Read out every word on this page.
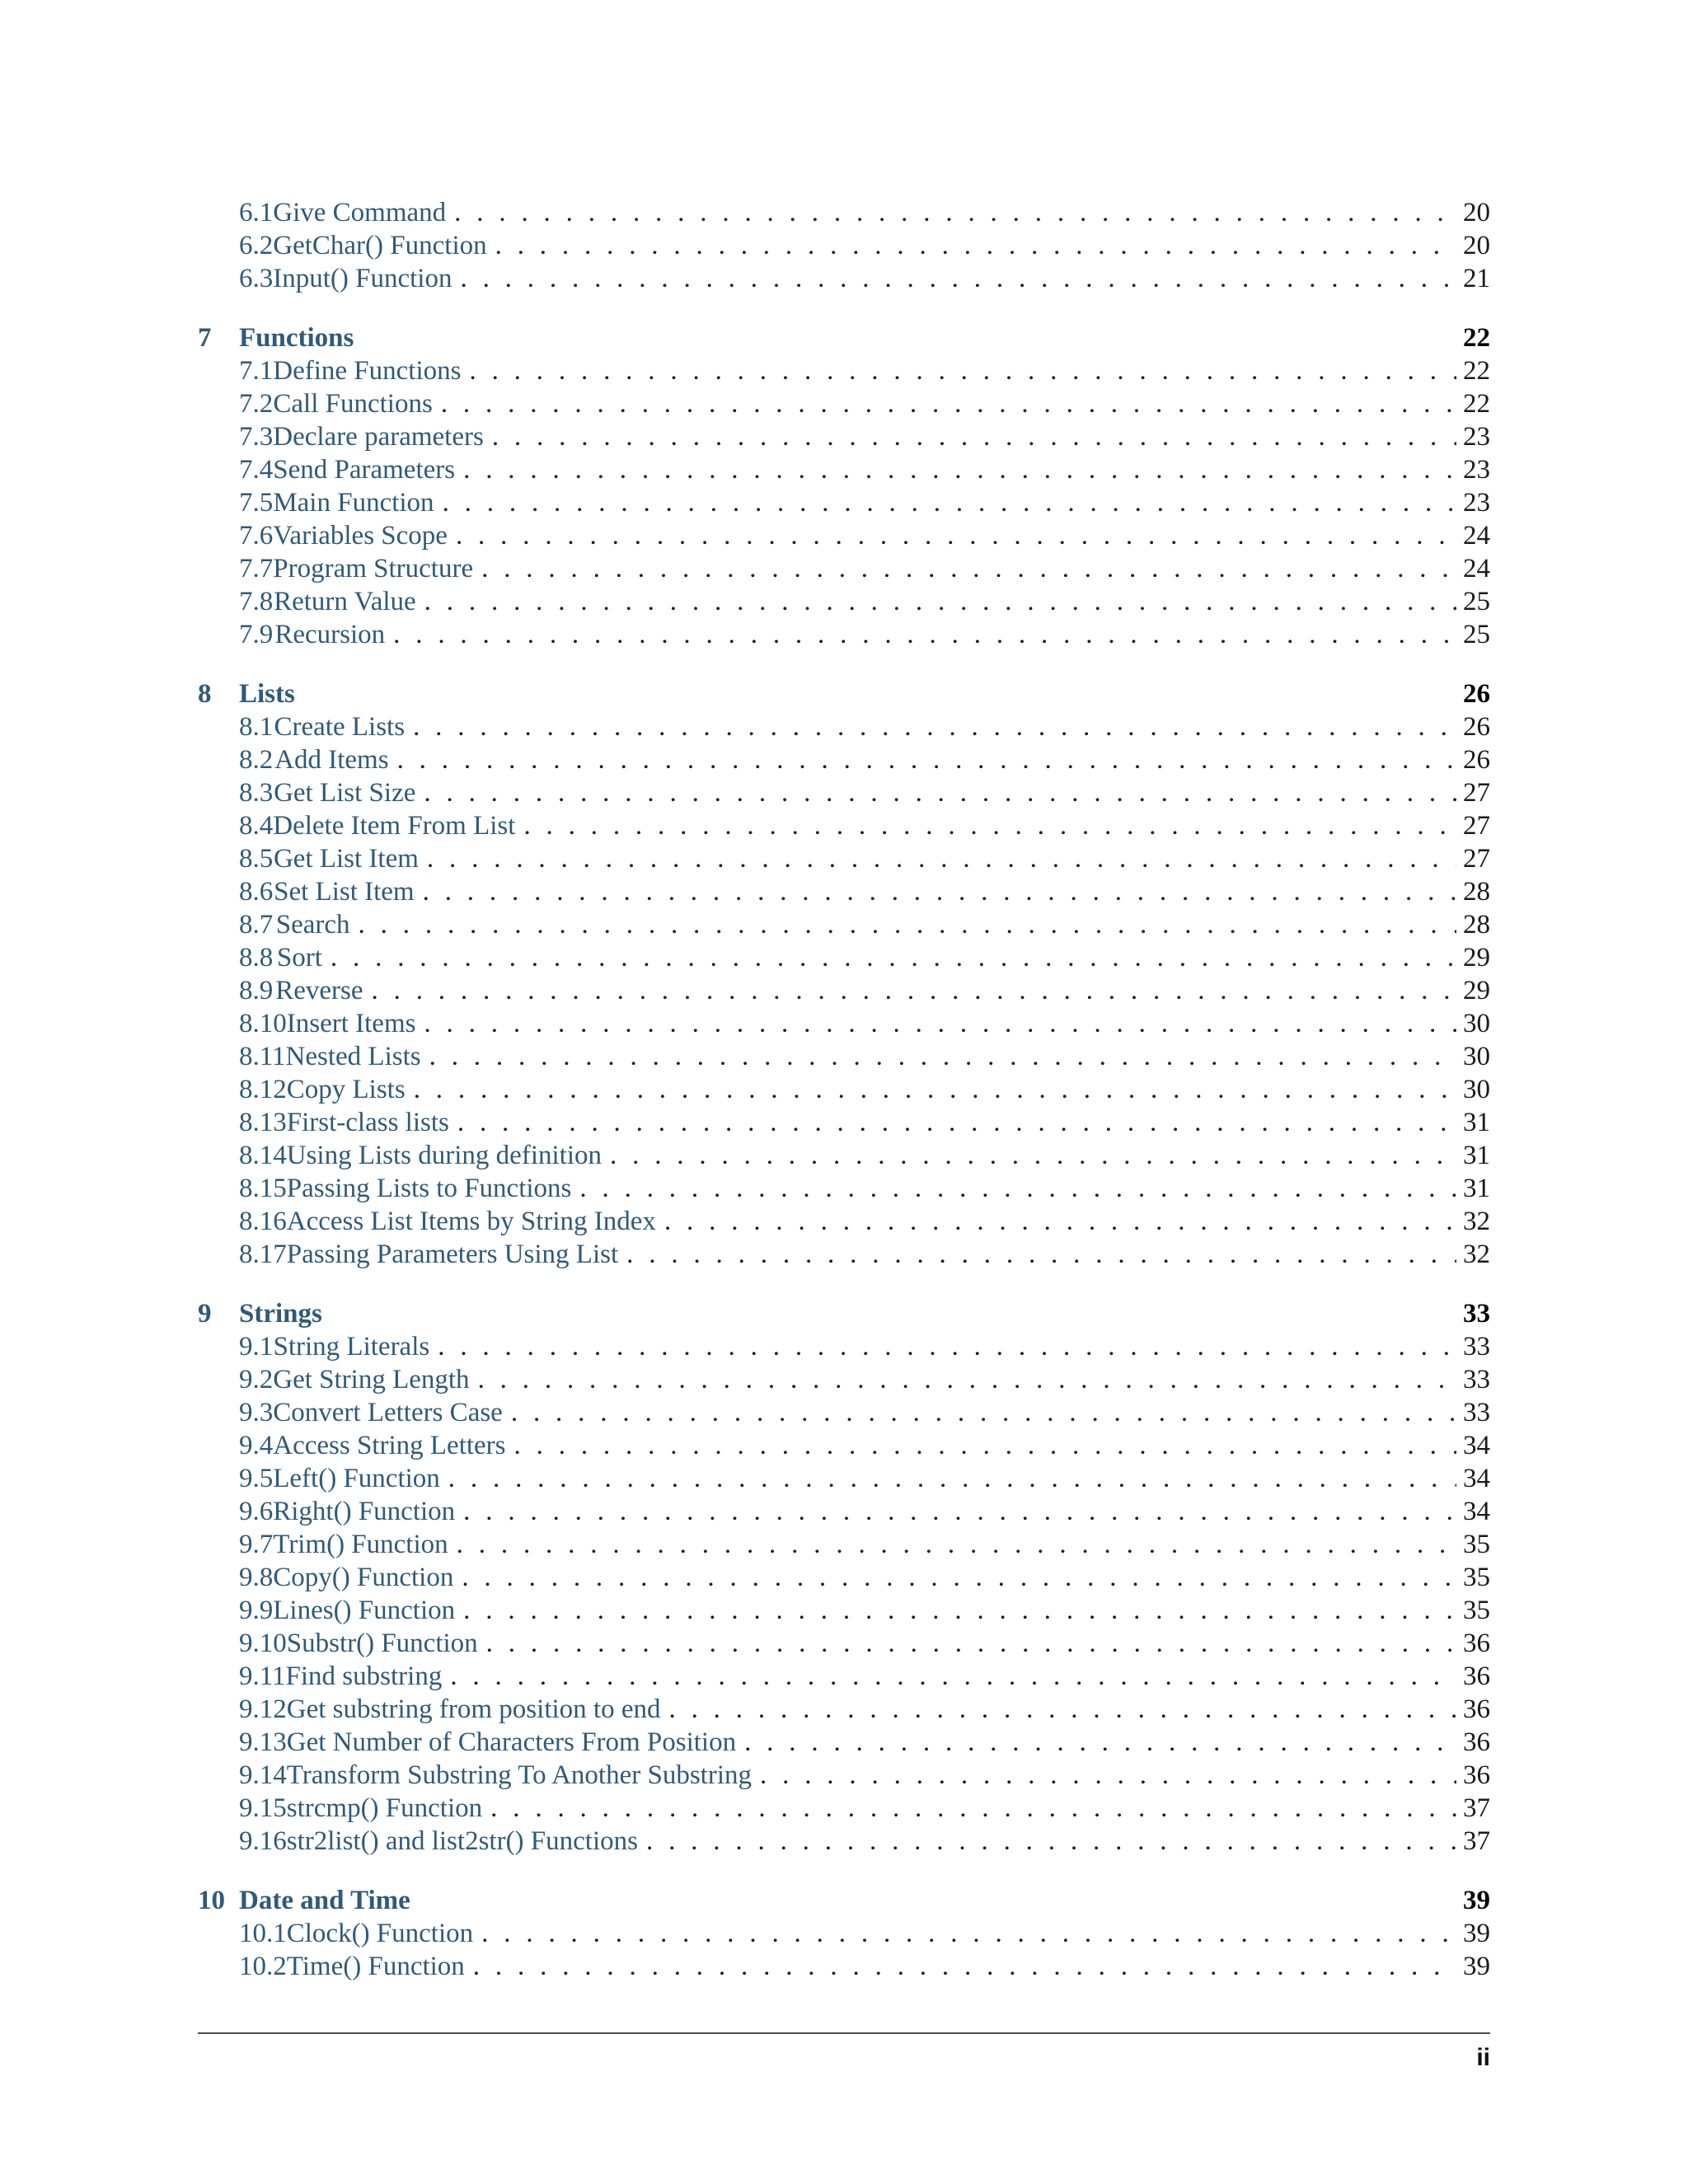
6.1 Give Command . . .	20
6.2 GetChar() Function . . .	20
6.3 Input() Function . . .	21
7	Functions	22
7.1 Define Functions . . .	22
7.2 Call Functions . . .	22
7.3 Declare parameters . . .	23
7.4 Send Parameters . . .	23
7.5 Main Function . . .	23
7.6 Variables Scope . . .	24
7.7 Program Structure . . .	24
7.8 Return Value . . .	25
7.9 Recursion . . .	25
8	Lists	26
8.1 Create Lists . . .	26
8.2 Add Items . . .	26
8.3 Get List Size . . .	27
8.4 Delete Item From List . . .	27
8.5 Get List Item . . .	27
8.6 Set List Item . . .	28
8.7 Search . . .	28
8.8 Sort . . .	29
8.9 Reverse . . .	29
8.10 Insert Items . . .	30
8.11 Nested Lists . . .	30
8.12 Copy Lists . . .	30
8.13 First-class lists . . .	31
8.14 Using Lists during definition . . .	31
8.15 Passing Lists to Functions . . .	31
8.16 Access List Items by String Index . . .	32
8.17 Passing Parameters Using List . . .	32
9	Strings	33
9.1 String Literals . . .	33
9.2 Get String Length . . .	33
9.3 Convert Letters Case . . .	33
9.4 Access String Letters . . .	34
9.5 Left() Function . . .	34
9.6 Right() Function . . .	34
9.7 Trim() Function . . .	35
9.8 Copy() Function . . .	35
9.9 Lines() Function . . .	35
9.10 Substr() Function . . .	36
9.11 Find substring . . .	36
9.12 Get substring from position to end . . .	36
9.13 Get Number of Characters From Position . . .	36
9.14 Transform Substring To Another Substring . . .	36
9.15 strcmp() Function . . .	37
9.16 str2list() and list2str() Functions . . .	37
10 Date and Time	39
10.1 Clock() Function . . .	39
10.2 Time() Function . . .	39
ii
